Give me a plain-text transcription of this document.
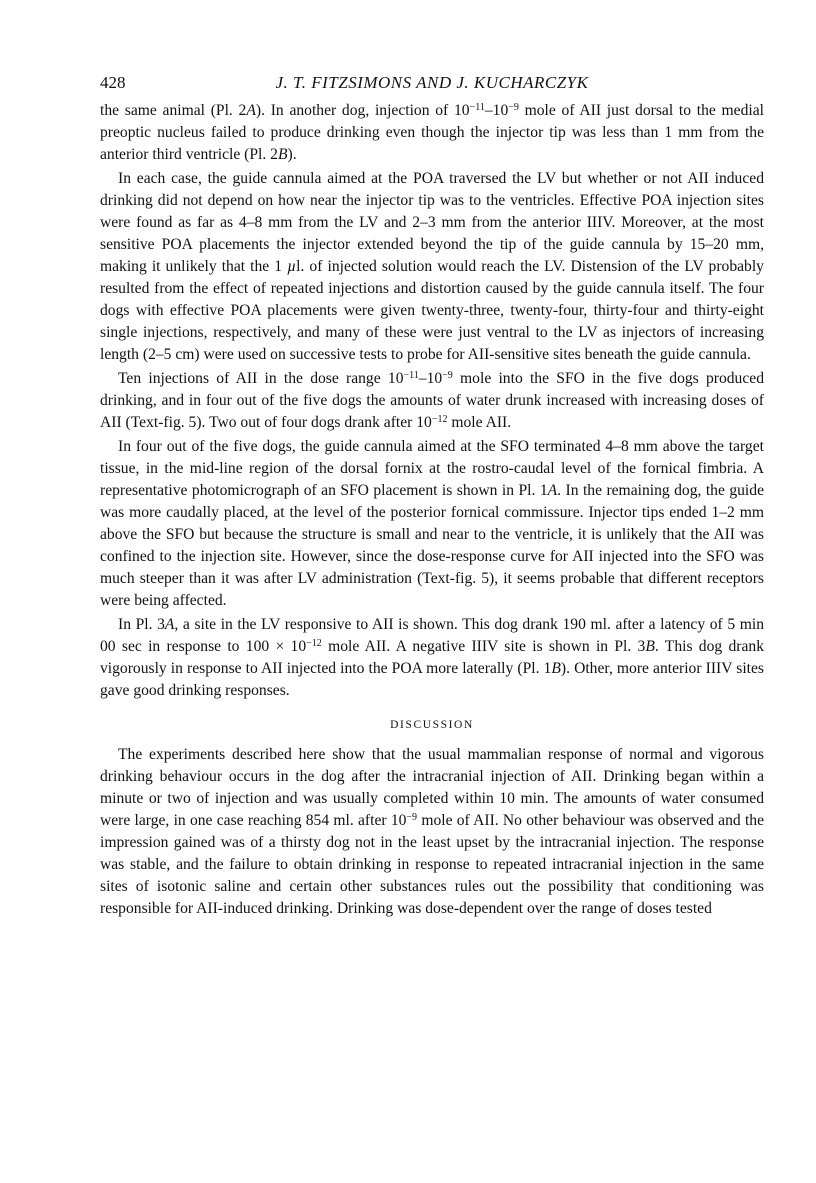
428	J. T. FITZSIMONS AND J. KUCHARCZYK

the same animal (Pl. 2A). In another dog, injection of $10^{-11}-10^{-9}$ mole of AII just dorsal to the medial preoptic nucleus failed to produce drinking even though the injector tip was less than 1 mm from the anterior third ventricle (Pl. 2B).

In each case, the guide cannula aimed at the POA traversed the LV but whether or not AII induced drinking did not depend on how near the injector tip was to the ventricles. Effective POA injection sites were found as far as 4–8 mm from the LV and 2–3 mm from the anterior IIIV. Moreover, at the most sensitive POA placements the injector extended beyond the tip of the guide cannula by 15–20 mm, making it unlikely that the 1 µl. of injected solution would reach the LV. Distension of the LV probably resulted from the effect of repeated injections and distortion caused by the guide cannula itself. The four dogs with effective POA placements were given twenty-three, twenty-four, thirty-four and thirty-eight single injections, respectively, and many of these were just ventral to the LV as injectors of increasing length (2–5 cm) were used on successive tests to probe for AII-sensitive sites beneath the guide cannula.

Ten injections of AII in the dose range $10^{-11}-10^{-9}$ mole into the SFO in the five dogs produced drinking, and in four out of the five dogs the amounts of water drunk increased with increasing doses of AII (Text-fig. 5). Two out of four dogs drank after $10^{-12}$ mole AII.

In four out of the five dogs, the guide cannula aimed at the SFO terminated 4–8 mm above the target tissue, in the mid-line region of the dorsal fornix at the rostro-caudal level of the fornical fimbria. A representative photomicrograph of an SFO placement is shown in Pl. 1A. In the remaining dog, the guide was more caudally placed, at the level of the posterior fornical commissure. Injector tips ended 1–2 mm above the SFO but because the structure is small and near to the ventricle, it is unlikely that the AII was confined to the injection site. However, since the dose-response curve for AII injected into the SFO was much steeper than it was after LV administration (Text-fig. 5), it seems probable that different receptors were being affected.

In Pl. 3A, a site in the LV responsive to AII is shown. This dog drank 190 ml. after a latency of 5 min 00 sec in response to $100 \times 10^{-12}$ mole AII. A negative IIIV site is shown in Pl. 3B. This dog drank vigorously in response to AII injected into the POA more laterally (Pl. 1B). Other, more anterior IIIV sites gave good drinking responses.

DISCUSSION

The experiments described here show that the usual mammalian response of normal and vigorous drinking behaviour occurs in the dog after the intracranial injection of AII. Drinking began within a minute or two of injection and was usually completed within 10 min. The amounts of water consumed were large, in one case reaching 854 ml. after $10^{-9}$ mole of AII. No other behaviour was observed and the impression gained was of a thirsty dog not in the least upset by the intracranial injection. The response was stable, and the failure to obtain drinking in response to repeated intracranial injection in the same sites of isotonic saline and certain other substances rules out the possibility that conditioning was responsible for AII-induced drinking. Drinking was dose-dependent over the range of doses tested
